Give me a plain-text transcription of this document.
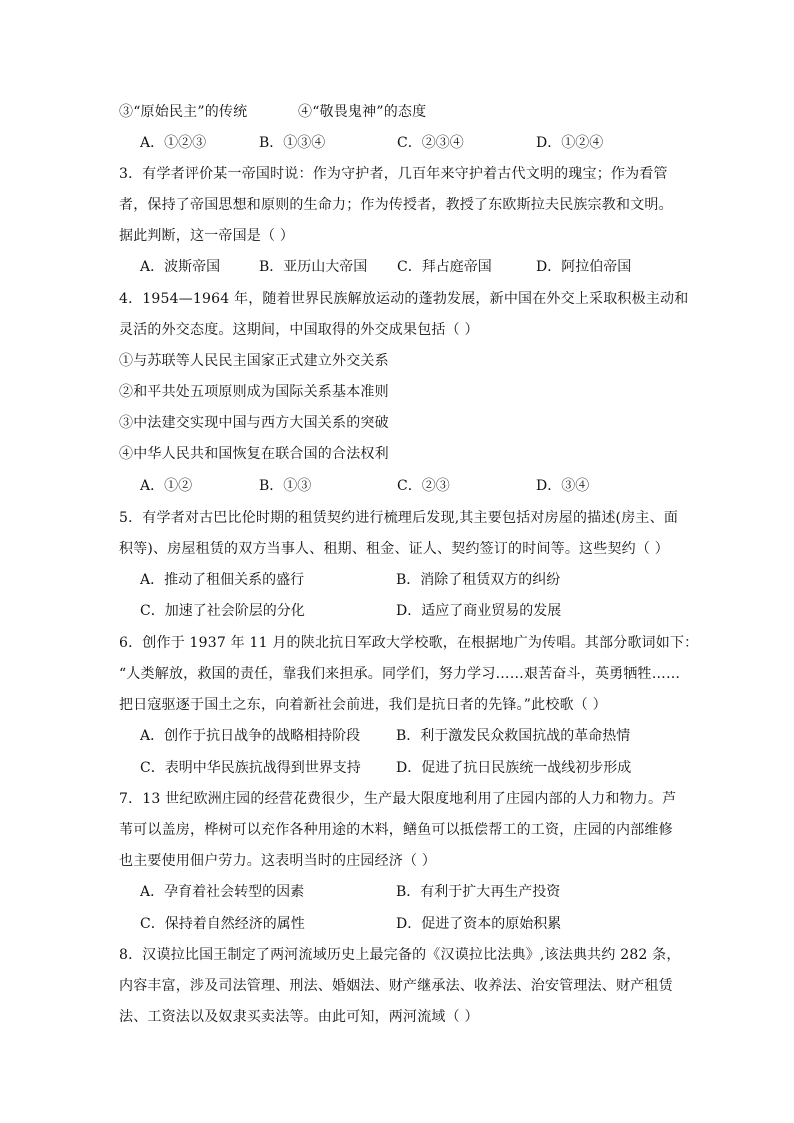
③“原始民主”的传统	④“敬畏鬼神”的态度
A．①②③	B．①③④	C．②③④	D．①②④
3．有学者评价某一帝国时说：作为守护者，几百年来守护着古代文明的瑰宝；作为看管
者，保持了帝国思想和原则的生命力；作为传授者，教授了东欧斯拉夫民族宗教和文明。
据此判断，这一帝国是（ ）
A．波斯帝国	B．亚历山大帝国 C．拜占庭帝国	D．阿拉伯帝国
4．1954—1964 年，随着世界民族解放运动的蓬勃发展，新中国在外交上采取积极主动和
灵活的外交态度。这期间，中国取得的外交成果包括（ ）
①与苏联等人民民主国家正式建立外交关系
②和平共处五项原则成为国际关系基本准则
③中法建交实现中国与西方大国关系的突破
④中华人民共和国恢复在联合国的合法权利
A．①②	B．①③	C．②③	D．③④
5．有学者对古巴比伦时期的租赁契约进行梳理后发现,其主要包括对房屋的描述(房主、面
积等)、房屋租赁的双方当事人、租期、租金、证人、契约签订的时间等。这些契约（ ）
A．推动了租佃关系的盛行	B．消除了租赁双方的纠纷
C．加速了社会阶层的分化	D．适应了商业贸易的发展
6．创作于 1937 年 11 月的陕北抗日军政大学校歌，在根据地广为传唱。其部分歌词如下：
“人类解放，救国的责任，靠我们来担承。同学们，努力学习……艰苦奋斗，英勇牺牲……
把日寇驱逐于国土之东，向着新社会前进，我们是抗日者的先锋。”此校歌（ ）
A．创作于抗日战争的战略相持阶段	B．利于激发民众救国抗战的革命热情
C．表明中华民族抗战得到世界支持	D．促进了抗日民族统一战线初步形成
7．13 世纪欧洲庄园的经营花费很少，生产最大限度地利用了庄园内部的人力和物力。芦
苇可以盖房，桦树可以充作各种用途的木料，鳝鱼可以抵偿帮工的工资，庄园的内部维修
也主要使用佃户劳力。这表明当时的庄园经济（ ）
A．孕育着社会转型的因素	B．有利于扩大再生产投资
C．保持着自然经济的属性	D．促进了资本的原始积累
8．汉谟拉比国王制定了两河流域历史上最完备的《汉谟拉比法典》,该法典共约 282 条，
内容丰富，涉及司法管理、刑法、婚姻法、财产继承法、收养法、治安管理法、财产租赁
法、工资法以及奴隶买卖法等。由此可知，两河流域（ ）
